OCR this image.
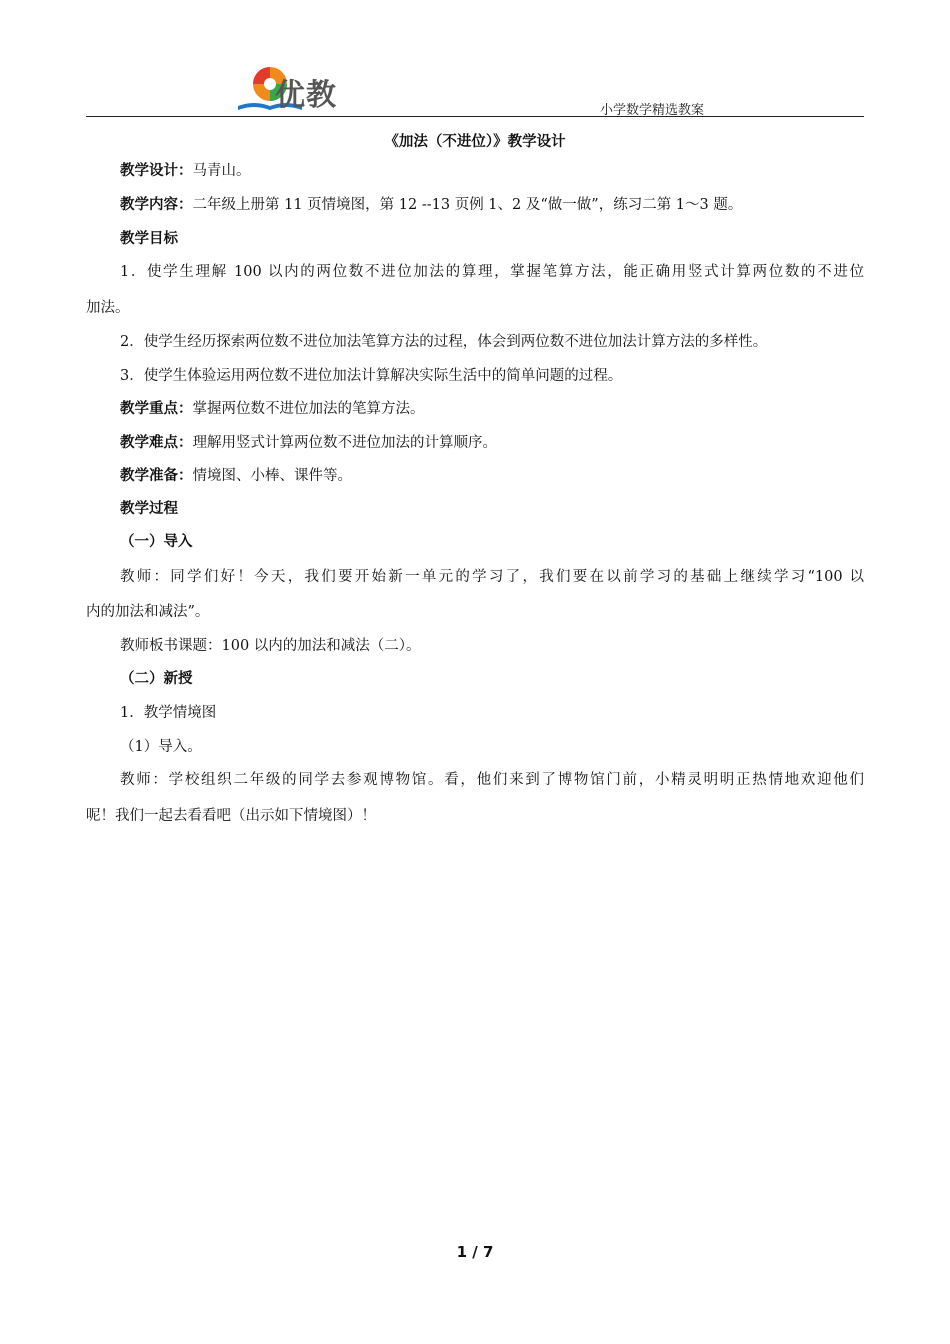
优教	小学数学精选教案
《加法（不进位）》教学设计
教学设计：马青山。
教学内容：二年级上册第 11 页情境图，第 12 --13 页例 1、2 及“做一做”，练习二第 1～3 题。
教学目标
1．使学生理解 100 以内的两位数不进位加法的算理，掌握笔算方法，能正确用竖式计算两位数的不进位
加法。
2．使学生经历探索两位数不进位加法笔算方法的过程，体会到两位数不进位加法计算方法的多样性。
3．使学生体验运用两位数不进位加法计算解决实际生活中的简单问题的过程。
教学重点：掌握两位数不进位加法的笔算方法。
教学难点：理解用竖式计算两位数不进位加法的计算顺序。
教学准备：情境图、小棒、课件等。
教学过程
（一）导入
教师：同学们好！今天，我们要开始新一单元的学习了，我们要在以前学习的基础上继续学习“100 以
内的加法和减法”。
教师板书课题：100 以内的加法和减法（二）。
（二）新授
1．教学情境图
（1）导入。
教师：学校组织二年级的同学去参观博物馆。看，他们来到了博物馆门前，小精灵明明正热情地欢迎他们
呢！我们一起去看看吧（出示如下情境图）！
1 / 7
